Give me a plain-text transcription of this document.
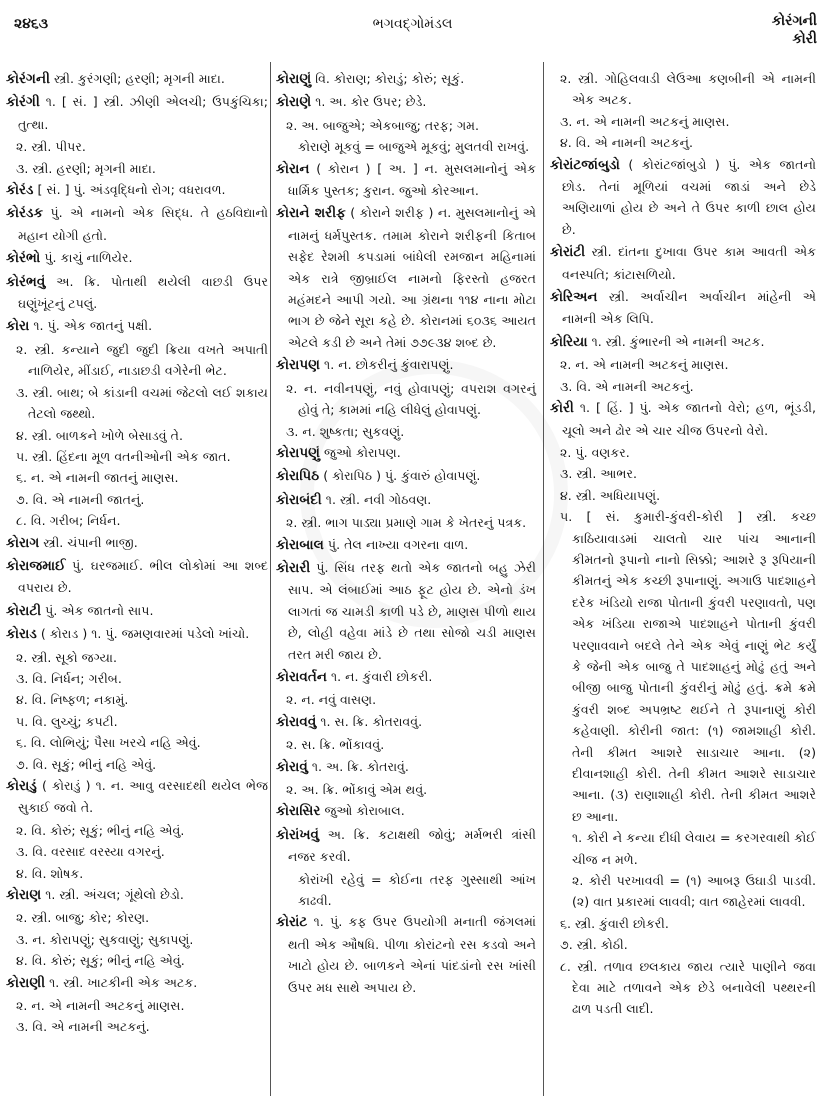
૨૪૬૩	ભગવદ્ગોમંડલ	કોરંગની
કોરી
કોરંગની સ્ત્રી. કુરંગણી; હરણી; મૃગની માદા.
કોરંગી ૧. [ સં. ] સ્ત્રી. ઝીણી એલચી; ઉપકુંચિકા; તુત્થા.
૨. સ્ત્રી. પીપર.
૩. સ્ત્રી. હરણી; મૃગની માદા.
કોરંડ [ સં. ] પું. અંડવૃદ્ધિનો રોગ; વધરાવળ.
કોરંડક પું. એ નામનો એક સિદ્ધ. તે હઠવિદ્યાનો મહાન યોગી હતો.
કોરંભો પું. કાચું નાળિયેર.
કોરંભવું અ. ક્રિ. પોતાથી થયેલી વાછડી ઉપર ઘણુંખૂંટનું ટપલું.
કોરા ૧. પું. એક જાતનું પક્ષી.
૨. સ્ત્રી. કન્યાને જુદી જુદી ક્રિયા વખતે અપાતી નાળિયેર, મીંડાઈ, નાડાછડી વગેરેની ભેટ.
૩. સ્ત્રી. બાથ; બે કાંડાની વચમાં જેટલો લઈ શકાય તેટલો જથ્થો.
૪. સ્ત્રી. બાળકને ખોળે બેસાડવું તે.
૫. સ્ત્રી. હિંદના મૂળ વતનીઓની એક જાત.
૬. ન. એ નામની જાતનું માણસ.
૭. વિ. એ નામની જાતનું.
૮. વિ. ગરીબ; નિર્ધન.
કોરાગ સ્ત્રી. ચંપાની ભાજી.
કોરાજમાઈ પું. ઘરજમાઈ. ભીલ લોકોમાં આ શબ્દ વપરાય છે.
કોરાટી પું. એક જાતનો સાપ.
કોરાડ ( કોરાડ ) ૧. પું. જમણવારમાં પડેલો ખાંચો.
૨. સ્ત્રી. સૂકો જગ્યા.
૩. વિ. નિર્ધન; ગરીબ.
૪. વિ. નિષ્ફળ; નકામું.
૫. વિ. લુચ્ચું; કપટી.
૬. વિ. લોભિયું; પૈસા ખરચે નહિ એવું.
૭. વિ. સૂકું; ભીનું નહિ એવું.
કોરાડું ( કોરાડું ) ૧. ન. આવુ વરસાદથી થયેલ ભેજ સુકાઈ જવો તે.
૨. વિ. કોરું; સૂકું; ભીનું નહિ એવું.
૩. વિ. વરસાદ વરસ્યા વગરનું.
૪. વિ. શોષક.
કોરાણ ૧. સ્ત્રી. અંચલ; ગૂંથેલો છેડો.
૨. સ્ત્રી. બાજુ; કોર; કોરણ.
૩. ન. કોરાપણું; સુકવાણું; સુકાપણું.
૪. વિ. કોરું; સૂકું; ભીનું નહિ એવું.
કોરાણી ૧. સ્ત્રી. ખાટકીની એક અટક.
૨. ન. એ નામની અટકનું માણસ.
૩. વિ. એ નામની અટકનું.
કોરાણું વિ. કોરાણ; કોરાડું; કોરું; સૂકું.
કોરાણે ૧. અ. કોર ઉપર; છેડે.
૨. અ. બાજુએ; એકબાજુ; તરફ; ગમ.
કોરાણે મૂકવું = બાજુએ મૂકવું; મુલતવી રાખવું.
કોરાન ( કોરાન ) [ અ. ] ન. મુસલમાનોનું એક ધાર્મિક પુસ્તક; કુરાન. જુઓ કોરઆન.
કોરાને શરીફ ( કોરાને શરીફ ) ન. મુસલમાનોનું એ નામનું ધર્મપુસ્તક. તમામ કોરાને શરીફની કિતાબ સફેદ રેશમી કપડામાં બાંધેલી રમજાન મહિનામાં એક રાત્રે જીબ્રાઈલ નામનો ફિરસ્તો હજરત મહંમદને આપી ગયો. આ ગ્રંથના ૧૧૪ નાના મોટા ભાગ છે જેને સૂરા કહે છે. કોરાનમાં ૬૦૩૬ આયત એટલે કડી છે અને તેમાં ૭૭૯૩૪ શબ્દ છે.
કોરાપણ ૧. ન. છોકરીનું કુંવારાપણું.
૨. ન. નવીનપણું, નવું હોવાપણું; વપરાશ વગરનું હોવું તે; કામમાં નહિ લીધેલું હોવાપણું.
૩. ન. શુષ્કતા; સુકવણું.
કોરાપણું જુઓ કોરાપણ.
કોરાપિઠ ( કોરાપિઠ ) પું. કુંવારું હોવાપણું.
કોરાબંદી ૧. સ્ત્રી. નવી ગોઠવણ.
૨. સ્ત્રી. ભાગ પાડ્યા પ્રમાણે ગામ કે ખેતરનું પત્રક.
કોરાબાલ પું. તેલ નાખ્યા વગરના વાળ.
કોરારી પું. સિંધ તરફ થતો એક જાતનો બહુ ઝેરી સાપ. એ લંબાઈમાં આઠ ફૂટ હોય છે. એનો ડંખ લાગતાં જ ચામડી કાળી પડે છે, માણસ પીળો થાય છે, લોહી વહેવા માંડે છે તથા સોજો ચડી માણસ તરત મરી જાય છે.
કોરાવર્તન ૧. ન. કુંવારી છોકરી.
૨. ન. નવું વાસણ.
કોરાવવું ૧. સ. ક્રિ. કોતરાવવું.
૨. સ. ક્રિ. ભોંકાવવું.
કોરાવું ૧. અ. ક્રિ. કોતરાવું.
૨. અ. ક્રિ. ભોંકાવું એમ થવું.
કોરાસિર જુઓ કોરાબાલ.
કોરાંખવું અ. ક્રિ. કટાક્ષથી જોવું; મર્મભરી ત્રાંસી નજર કરવી.
કોરાંખી રહેવું = કોઈના તરફ ગુસ્સાથી આંખ કાઢવી.
કોરાંટ ૧. પું. કફ ઉપર ઉપયોગી મનાતી જંગલમાં થતી એક ઔષધિ. પીળા કોરાંટનો રસ કડવો અને ખાટો હોય છે. બાળકને એનાં પાંદડાંનો રસ ખાંસી ઉપર મધ સાથે અપાય છે.
૨. સ્ત્રી. ગોહિલવાડી લેઉઆ કણબીની એ નામની એક અટક.
૩. ન. એ નામની અટકનું માણસ.
૪. વિ. એ નામની અટકનું.
કોરાંટજાંબુડો ( કોરાંટજાંબુડો ) પું. એક જાતનો છોડ. તેનાં મૂળિયાં વચમાં જાડાં અને છેડે અણિયાળાં હોય છે અને તે ઉપર કાળી છાલ હોય છે.
કોરાંટી સ્ત્રી. દાંતના દુખાવા ઉપર કામ આવતી એક વનસ્પતિ; કાંટાસળિયો.
કોરિઅન સ્ત્રી. અર્વાચીન અર્વાચીન માંહેની એ નામની એક લિપિ.
કોરિયા ૧. સ્ત્રી. કુંભારની એ નામની અટક.
૨. ન. એ નામની અટકનું માણસ.
૩. વિ. એ નામની અટકનું.
કોરી ૧. [ હિં. ] પું. એક જાતનો વેરો; હળ, ભૂંડડી, ચૂલો અને ઢોર એ ચાર ચીજ ઉપરનો વેરો.
૨. પું. વણકર.
૩. સ્ત્રી. આભર.
૪. સ્ત્રી. અધિયાપણું.
૫. [ સં. કુમારી-કુંવરી-કોરી ] સ્ત્રી. કચ્છ કાઠિયાવાડમાં ચાલતો ચાર પાંચ આનાની કીમતનો રૂપાનો નાનો સિક્કો; આશરે રૂ રૂપિયાની કીમતનું એક કચ્છી રૂપાનાણું. અગાઉ પાદશાહને દરેક ખંડિયો રાજા પોતાની કુંવરી પરણાવતો, પણ એક ખંડિયા રાજાએ પાદશાહને પોતાની કુંવરી પરણાવવાને બદલે તેને એક એવું નાણું ભેટ કર્યું કે જેની એક બાજુ તે પાદશાહનું મોઢું હતું અને બીજી બાજુ પોતાની કુંવરીનું મોઢું હતું. ક્રમે ક્રમે કુંવરી શબ્દ અપભ્રષ્ટ થઈને તે રૂપાનાણું કોરી કહેવાણી. કોરીની જાત: (૧) જામશાહી કોરી. તેની કીમત આશરે સાડાચાર આના. (૨) દીવાનશાહી કોરી. તેની કીમત આશરે સાડાચાર આના. (૩) રાણાશાહી કોરી. તેની કીમત આશરે છ આના.
૧. કોરી ને કન્યા દીધી લેવાય = કરગરવાથી કોઈ ચીજ ન મળે.
૨. કોરી પરખાવવી = (૧) આબરૂ ઉઘાડી પાડવી. (૨) વાત પ્રકારમાં લાવવી; વાત જાહેરમાં લાવવી.
૬. સ્ત્રી. કુંવારી છોકરી.
૭. સ્ત્રી. કોઠી.
૮. સ્ત્રી. તળાવ છલકાય જાય ત્યારે પાણીને જવા દેવા માટે તળાવને એક છેડે બનાવેલી પથ્થરની ઢાળ પડતી લાદી.
